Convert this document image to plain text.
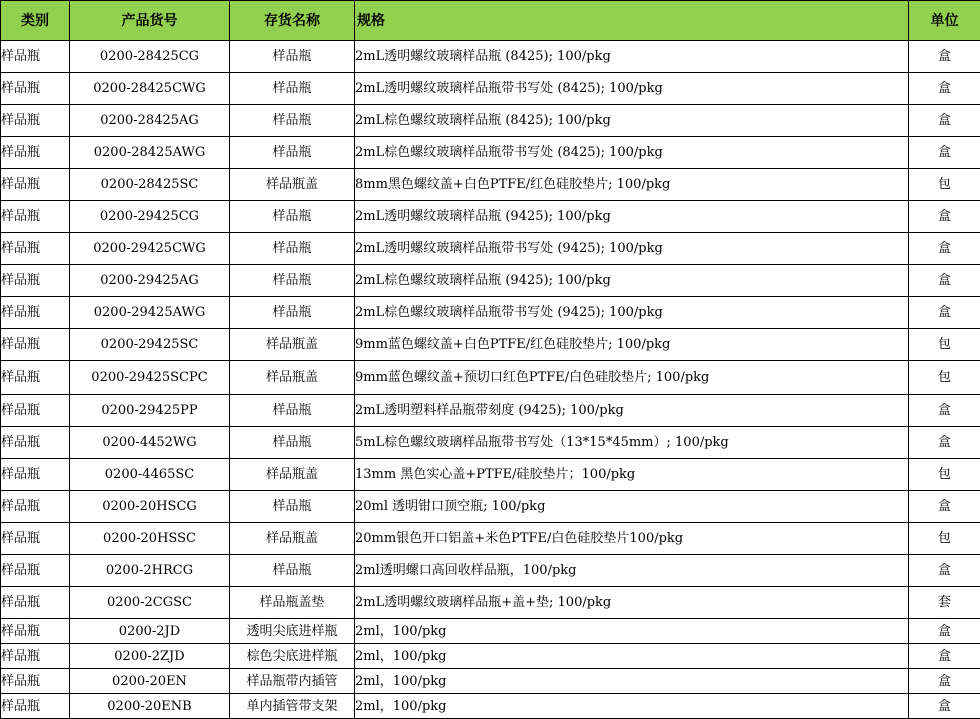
类别	产品货号	存货名称	规格	单位
样品瓶	0200-28425CG	样品瓶	2mL透明螺纹玻璃样品瓶 (8425); 100/pkg	盒
样品瓶	0200-28425CWG	样品瓶	2mL透明螺纹玻璃样品瓶带书写处 (8425); 100/pkg	盒
样品瓶	0200-28425AG	样品瓶	2mL棕色螺纹玻璃样品瓶 (8425); 100/pkg	盒
样品瓶	0200-28425AWG	样品瓶	2mL棕色螺纹玻璃样品瓶带书写处 (8425); 100/pkg	盒
样品瓶	0200-28425SC	样品瓶盖	8mm黑色螺纹盖+白色PTFE/红色硅胶垫片; 100/pkg	包
样品瓶	0200-29425CG	样品瓶	2mL透明螺纹玻璃样品瓶 (9425); 100/pkg	盒
样品瓶	0200-29425CWG	样品瓶	2mL透明螺纹玻璃样品瓶带书写处 (9425); 100/pkg	盒
样品瓶	0200-29425AG	样品瓶	2mL棕色螺纹玻璃样品瓶 (9425); 100/pkg	盒
样品瓶	0200-29425AWG	样品瓶	2mL棕色螺纹玻璃样品瓶带书写处 (9425); 100/pkg	盒
样品瓶	0200-29425SC	样品瓶盖	9mm蓝色螺纹盖+白色PTFE/红色硅胶垫片; 100/pkg	包
样品瓶	0200-29425SCPC	样品瓶盖	9mm蓝色螺纹盖+预切口红色PTFE/白色硅胶垫片; 100/pkg	包
样品瓶	0200-29425PP	样品瓶	2mL透明塑料样品瓶带刻度 (9425); 100/pkg	盒
样品瓶	0200-4452WG	样品瓶	5mL棕色螺纹玻璃样品瓶带书写处（13*15*45mm）; 100/pkg	盒
样品瓶	0200-4465SC	样品瓶盖	13mm 黑色实心盖+PTFE/硅胶垫片；100/pkg	包
样品瓶	0200-20HSCG	样品瓶	20ml 透明钳口顶空瓶; 100/pkg	盒
样品瓶	0200-20HSSC	样品瓶盖	20mm银色开口铝盖+米色PTFE/白色硅胶垫片100/pkg	包
样品瓶	0200-2HRCG	样品瓶	2ml透明螺口高回收样品瓶，100/pkg	盒
样品瓶	0200-2CGSC	样品瓶盖垫	2mL透明螺纹玻璃样品瓶+盖+垫; 100/pkg	套
样品瓶	0200-2JD	透明尖底进样瓶	2ml，100/pkg	盒
样品瓶	0200-2ZJD	棕色尖底进样瓶	2ml，100/pkg	盒
样品瓶	0200-20EN	样品瓶带内插管	2ml，100/pkg	盒
样品瓶	0200-20ENB	单内插管带支架	2ml，100/pkg	盒
